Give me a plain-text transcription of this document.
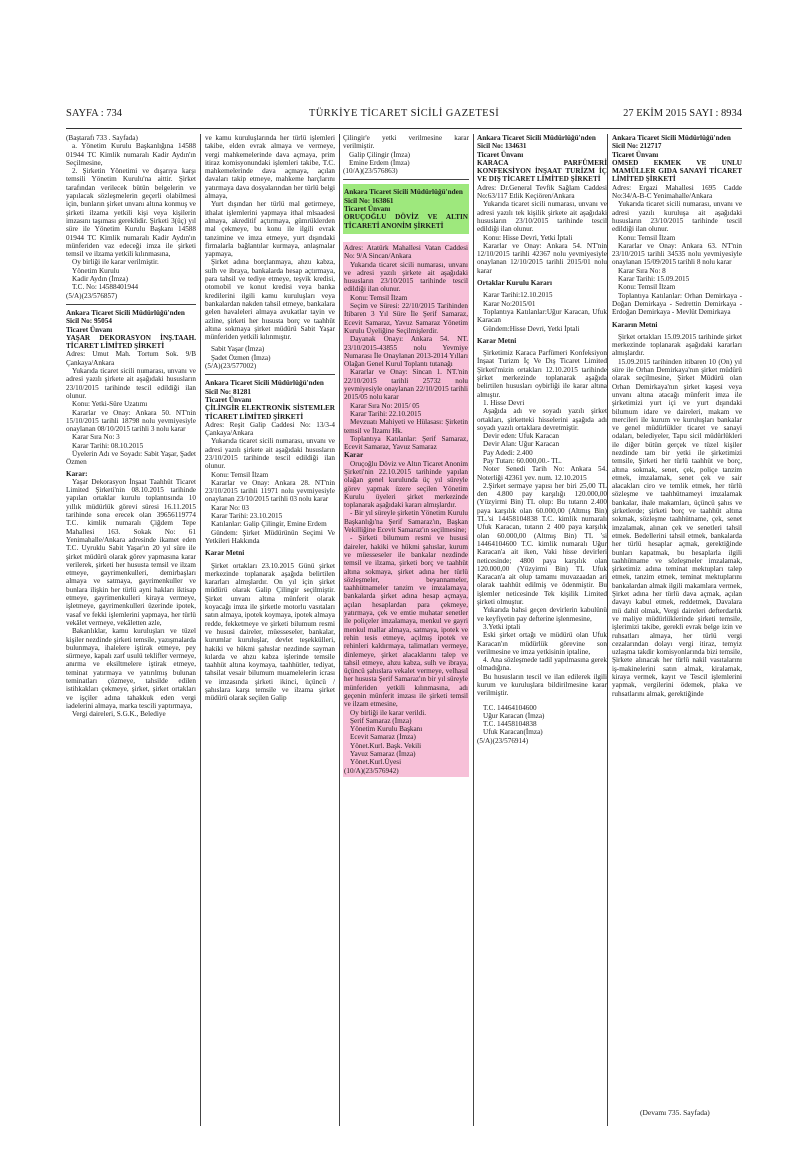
SAYFA : 734	TÜRKİYE TİCARET SİCİLİ GAZETESİ	27 EKİM 2015 SAYI : 8934

(Baştarafı 733 . Sayfada)

a. Yönetim Kurulu Başkanlığına 14588 01944 TC Kimlik numaralı Kadir Aydın'ın Seçilmesine,

2. Şirketin Yönetimi ve dışarıya karşı temsili Yönetim Kurulu'na aittir. Şirket tarafından verilecek bütün belgelerin ve yapılacak sözleşmelerin geçerli olabilmesi için, bunların şirket unvanı altına konmuş ve şirketi ilzama yetkili kişi veya kişilerin imzasını taşıması gereklidir. Şirketi 3(üç) yıl süre ile Yönetim Kurulu Başkanı 14588 01944 TC Kimlik numaralı Kadir Aydın'ın münferiden vaz edeceği imza ile şirketi temsil ve ilzama yetkili kılınmasına,

Oy birliği ile karar verilmiştir.

Yönetim Kurulu

Kadir Aydın (İmza)

T.C. No: 14588401944

(5/A)(23/576857)

Ankara Ticaret Sicili Müdürlüğü'nden

Sicil No: 95054

Ticaret Ünvanı

YAŞAR DEKORASYON İNŞ.TAAH. TİCARET LİMİTED ŞİRKETİ

Adres: Umut Mah. Tortum Sok. 9/B Çankaya/Ankara

Yukarıda ticaret sicili numarası, unvanı ve adresi yazılı şirkete ait aşağıdaki hususların 23/10/2015 tarihinde tescil edildiği ilan olunur.

Konu: Yetki-Süre Uzatımı

Kararlar ve Onay: Ankara 50. NT'nin 15/10/2015 tarihli 18798 nolu yevmiyesiyle onaylanan 08/10/2015 tarihli 3 nolu karar

Karar Sıra No: 3

Karar Tarihi: 08.10.2015

Üyelerin Adı ve Soyadı: Sabit Yaşar, Şadet Özmen

Karar:

Yaşar Dekorasyon İnşaat Taahhüt Ticaret Limited Şirketi'nin 08.10.2015 tarihinde yapılan ortaklar kurulu toplantısında 10 yıllık müdürlük görevi süresi 16.11.2015 tarihinde sona erecek olan 39656119774 T.C. kimlik numaralı Çiğdem Tepe Mahallesi 163. Sokak No: 61 Yenimahalle/Ankara adresinde ikamet eden T.C. Uyruklu Sabit Yaşar'ın 20 yıl süre ile şirket müdürü olarak görev yapmasına karar verilerek, şirketi her hususta temsil ve ilzam etmeye, gayrimenkulleri, demirbaşları almaya ve satmaya, gayrimenkuller ve bunlara ilişkin her türlü ayni hakları iktisap etmeye, gayrimenkulleri kiraya vermeye, işletmeye, gayrimenkulleri üzerinde ipotek, vasaf ve fekki işlemlerini yapmaya, her türlü vekâlet vermeye, vekâletten azle,

Bakanlıklar, kamu kuruluşları ve tüzel kişiler nezdinde şirketi temsile, yazışmalarda bulunmaya, ihalelere iştirak etmeye, pey sürmeye, kapalı zarf usulü teklifler vermeye, anırma ve eksiltmelere iştirak etmeye, teminat yatırmaya ve yatırılmış bulunan teminatları çözmeye, tahsilde edilen istihkakları çekmeye, şirket, şirket ortakları ve işçiler adına tahakkuk eden vergi iadelerini almaya, marka tescili yaptırmaya,

Vergi daireleri, S.G.K., Belediye

ve kamu kuruluşlarında her türlü işlemleri takibe, elden evrak almaya ve vermeye, vergi mahkemelerinde dava açmaya, prim itiraz komisyonundaki işlemleri takibe, T.C. mahkemelerinde dava açmaya, açılan davaları takip etmeye, mahkeme harçlarını yatırmaya dava dosyalarından her türlü belgi almaya,

Yurt dışından her türlü mal getirmeye, ithalat işlemlerini yapmaya ithal mlsaadesi almaya, akreditif açtırmaya, gümrüklerden mal çekmeye, bu konu ile ilgili evrak tanzimine ve imza etmeye, yurt dışındaki firmalarla bağlantılar kurmaya, anlaşmalar yapmaya,

Şirket adına borçlanmaya, ahzu kabza, sulh ve ibraya, bankalarda hesap açtırmaya, para tahsil ve tediye etmeye, teşvik kredisi, otomobil ve konut kredisi veya banka kredilerini ilgili kamu kuruluşları veya bankalardan nakden tahsil etmeye, bankalara gelen havaleleri almaya avukatlar tayin ve azline, şirketi her hususta borç ve taahhüt altına sokmaya şirket müdürü Sabit Yaşar münferiden yetkili kılınmıştır.

Sabit Yaşar (İmza)

Şadet Özmen (İmza)

(5/A)(23/577002)

Ankara Ticaret Sicili Müdürlüğü'nden

Sicil No: 81281

Ticaret Ünvanı

ÇİLİNGİR ELEKTRONİK SİSTEMLER TİCARET LİMİTED ŞİRKETİ

Adres: Reşit Galip Caddesi No: 13/3-4 Çankaya/Ankara

Yukarıda ticaret sicili numarası, unvanı ve adresi yazılı şirkete ait aşağıdaki hususların 23/10/2015 tarihinde tescil edildiği ilan olunur.

Konu: Temsil İlzam

Kararlar ve Onay: Ankara 28. NT'nin 23/10/2015 tarihli 11971 nolu yevmiyesiyle onaylanan 23/10/2015 tarihli 03 nolu karar

Karar No: 03

Karar Tarihi: 23.10.2015

Katılanlar: Galip Çilingir, Emine Erdem

Gündem: Şirket Müdürünün Seçimi Ve Yetkileri Hakkında

Karar Metni

Şirket ortakları 23.10.2015 Günü şirket merkezinde toplanarak aşağıda belirtilen kararları almışlardır. On yıl için şirket müdürü olarak Galip Çilingir seçilmiştir. Şirket unvanı altına münferit olarak koyacağı imza ile şirketle motorlu vasıtaları satın almaya, ipotek koymaya, ipotek almaya redde, fekketmeye ve şirketi bilumum resmi ve hususi daireler, müesseseler, bankalar, kurumlar kuruluşlar, devlet teşekkülleri, hakiki ve hükmi şahıslar nezdinde sayman kılarda ve ahzu kabza işlerinde temsile taahhüt altına koymaya, taahhütler, tediyat, tahsilat vesair bilumum muamelelerin icrası ve imzasında şirketi ikinci, üçüncü / şahıslara karşı temsile ve ilzama şirket müdürü olarak seçilen Galip

Çilingir'e yetki verilmesine karar verilmiştir.

Galip Çilingir (İmza)

Emine Erdem (İmza)

(10/A)(23/576863)

Ankara Ticaret Sicili Müdürlüğü'nden

Sicil No: 163861

Ticaret Ünvanı

ORUÇOĞLU DÖVİZ VE ALTIN TİCARETİ ANONİM ŞİRKETİ

Adres: Atatürk Mahallesi Vatan Caddesi No: 9/A Sincan/Ankara

Yukarıda ticaret sicili numarası, unvanı ve adresi yazılı şirkete ait aşağıdaki hususların 23/10/2015 tarihinde tescil edildiği ilan olunur.

Konu: Temsil İlzam

Seçim ve Süresi: 22/10/2015 Tarihinden İtibaren 3 Yıl Süre İle Şerif Samaraz, Ecevit Samaraz, Yavuz Samaraz Yönetim Kurulu Üyeliğine Seçilmişlerdir.

Dayanak Onayı: Ankara 54. NT. 23/10/2015-43855 nolu Yevmiye Numarası İle Onaylanan 2013-2014 Yılları Olağan Genel Kurul Toplantı tutanağı

Kararlar ve Onay: Sincan 1. NT.'nin 22/10/2015 tarihli 25732 nolu yevmiyesiyle onaylanan 22/10/2015 tarihli 2015/05 nolu karar

Karar Sıra No: 2015/ 05

Karar Tarihi: 22.10.2015

Mevzuatı Mahiyeti ve Hülasası: Şirketin temsil ve İlzamı Hk.

Toplantıya Katılanlar: Şerif Samaraz, Ecevit Samaraz, Yavuz Samaraz

Karar

Oruçoğlu Döviz ve Altın Ticaret Anonim Şirketi'nin 22.10.2015 tarihinde yapılan olağan genel kurulunda üç yıl süreyle görev yapmak üzere seçilen Yönetim Kurulu üyeleri şirket merkezinde toplanarak aşağıdaki kararı almışlardır.

- Bir yıl süreyle şirketin Yönetim Kurulu Başkanlığı'na Şerif Samaraz'ın, Başkan Vekilliğine Ecevit Samaraz'ın seçilmesine;

- Şirketi bilumum resmi ve hususi daireler, hakiki ve hükmi şahıslar, kurum ve müesseseler ile bankalar nezdinde temsil ve ilzama, şirketi borç ve taahhüt altına sokmaya, şirket adına her türlü sözleşmeler, beyannameler, taahhütnameler tanzim ve imzalamaya, bankalarda şirket adına hesap açmaya, açılan hesaplardan para çekmeye, yatırmaya, çek ve emtie muhatar senetler ile poliçeler imzalamaya, menkul ve gayri menkul mallar almaya, satmaya, ipotek ve rehin tesis etmeye, açılmış ipotek ve rehinleri kaldırmaya, talimatları vermeye, dinlemeye, şirket alacaklarını talep ve tahsil etmeye, ahzu kabza, sulh ve ibraya, üçüncü şahıslara vekalet vermeye, velhasıl her hususta Şerif Samaraz'ın bir yıl süreyle münferiden yetkili kılınmasına, adı geçenin münferit imzası ile şirketi temsil ve ilzam etmesine,

Oy birliği ile karar verildi.

Şerif Samaraz (İmza)

Yönetim Kurulu Başkanı

Ecevit Samaraz (İmza)

Yönet.Kurl. Başk. Vekili

Yavuz Samaraz (İmza)

Yönet.Kurl.Üyesi

(10/A)(23/576942)

Ankara Ticaret Sicili Müdürlüğü'nden

Sicil No: 134631

Ticaret Ünvanı

KARACA PARFÜMERİ KONFEKSİYON İNŞAAT TURİZM İÇ VE DIŞ TİCARET LİMİTED ŞİRKETİ

Adres: Dr.General Tevfik Sağlam Caddesi No:63/117 Etlik Keçiören/Ankara

Yukarıda ticaret sicili numarası, unvanı ve adresi yazılı tek kişilik şirkete ait aşağıdaki hususların 23/10/2015 tarihinde tescil edildiği ilan olunur.

Konu: Hisse Devri, Yetki İptali

Kararlar ve Onay: Ankara 54. NT'nin 12/10/2015 tarihli 42367 nolu yevmiyesiyle onaylanan 12/10/2015 tarihli 2015/01 nolu karar

Ortaklar Kurulu Kararı

Karar Tarihi:12.10.2015

Karar No:2015/01

Toplantıya Katılanlar:Uğur Karacan, Ufuk Karacan

Gündem:Hisse Devri, Yetki İptali

Karar Metni

Şirketimiz Karaca Parfümeri Konfeksiyon İnşaat Turizm İç Ve Dış Ticaret Limited Şirketi'mizin ortakları 12.10.2015 tarihinde şirket merkezinde toplanarak aşağıda belirtilen hususları oybirliği ile karar altına almıştır.

1. Hisse Devri

Aşağıda adı ve soyadı yazılı şirket ortakları, şirketteki hisselerini aşağıda adı soyadı yazılı ortaklara devretmiştir.

Devir eden: Ufuk Karacan

Devir Alan: Uğur Karacan

Pay Adedi: 2.400

Pay Tutarı: 60.000,00.- TL.

Noter Senedi Tarih No: Ankara 54. Noterliği 42361 yev. num. 12.10.2015

2.Şirket sermaye yapısı her biri 25,00 TL den 4.800 pay karşılığı 120.000,00 (Yüzyirmi Bin) TL olup: Bu tutarın 2.400 paya karşılık olan 60.000,00 (Altmış Bin) TL.'si 14458104838 T.C. kimlik numaralı Ufuk Karacan, tutarın 2 400 paya karşılık olan 60.000,00 (Altmış Bin) TL 'si 14464104600 T.C. kimlik numaralı Uğur Karacan'a ait iken, Vaki hisse devirleri neticesinde; 4800 paya karşılık olan 120.000,00 (Yüzyirmi Bin) TL Ufuk Karacan'a ait olup tamamı muvazaadan ari olarak taahhüt edilmiş ve ödenmiştir. Bu işlemler neticesinde Tek kişilik Limited şirketi olmuştur.

Yukarıda bahsi geçen devirlerin kabulünü ve keyfiyetin pay defterine işlenmesine,

3.Yetki iptali

Eski şirket ortağı ve müdürü olan Ufuk Karacan'ın müdürlük görevine son verilmesine ve imza yetkisinin iptaline,

4. Ana sözleşmede tadil yapılmasına gerek olmadığına.

Bu hususların tescil ve ilan edilerek ilgili kurum ve kuruluşlara bildirilmesine karar verilmiştir.

T.C. 14464104600

Uğur Karacan (İmza)

T.C. 14458104838

Ufuk Karacan(İmza)

(5/A)(23/576914)

Ankara Ticaret Sicili Müdürlüğü'nden

Sicil No: 212717

Ticaret Ünvanı

OMSED EKMEK VE UNLU MAMÜLLER GIDA SANAYİ TİCARET LİMİTED ŞİRKETİ

Adres: Ergazi Mahallesi 1695 Cadde No:34/A-B-C Yenimahalle/Ankara

Yukarıda ticaret sicili numarası, unvanı ve adresi yazılı kuruluşa ait aşağıdaki hususların 23/10/2015 tarihinde tescil edildiği ilan olunur.

Konu: Temsil İlzam

Kararlar ve Onay: Ankara 63. NT'nin 23/10/2015 tarihli 34535 nolu yevmiyesiyle onaylanan 15/09/2015 tarihli 8 nolu karar

Karar Sıra No: 8

Karar Tarihi: 15.09.2015

Konu: Temsil İlzam

Toplantıya Katılanlar: Orhan Demirkaya - Doğan Demirkaya - Sedrettin Demirkaya - Erdoğan Demirkaya - Mevlüt Demirkaya

Kararın Metni

Şirket ortakları 15.09.2015 tarihinde şirket merkezinde toplanarak aşağıdaki kararları almışlardır.

15.09.2015 tarihinden itibaren 10 (On) yıl süre ile Orhan Demirkaya'nın şirket müdürü olarak seçilmesine, Şirket Müdürü olan Orhan Demirkaya'nın şirket kaşesi veya unvanı altına atacağı münferit imza ile şirketimizi yurt içi ve yurt dışındaki bilumum idare ve daireleri, makam ve mercileri ile kurum ve kuruluşları bankalar ve genel müdürlükler ticaret ve sanayi odaları, belediyeler, Tapu sicil müdürlükleri ile diğer bütün gerçek ve tüzel kişiler nezdinde tam bir yetki ile şirketimizi temsile, Şirketi her türlü taahhüt ve borç, altına sokmak, senet, çek, poliçe tanzim etmek, imzalamak, senet çek ve sair alacakları ciro ve temlik etmek, her türlü sözleşme ve taahhütnameyi imzalamak bankalar, ihale makamları, üçüncü şahıs ve şirketlerde; şirketi borç ve taahhüt altına sokmak, sözleşme taahhütname, çek, senet imzalamak, alınan çek ve senetleri tahsil etmek. Bedellerini tahsil etmek, bankalarda her türlü hesaplar açmak, gerektiğinde bunları kapatmak, bu hesaplarla ilgili taahhütname ve sözleşmeler imzalamak, şirketimiz adına teminat mektupları talep etmek, tanzim etmek, teminat mektuplarını bankalardan almak ilgili makamlara vermek, Şirket adına her türlü dava açmak, açılan davayı kabul etmek, reddetmek, Davalara mü dahil olmak, Vergi daireleri defterdarlık ve maliye müdürlüklerinde şirketi temsile, işlerimizi takibe, gerekli evrak belge izin ve ruhsatları almaya, her türlü vergi cezalarından dolayı vergi itiraz, temyiz uzlaşma takdir komisyonlarında bizi temsile, Şirkete alınacak her türlü nakil vasıtalarını iş-makinelerini satın almak, kiralamak, kiraya vermek, kayıt ve Tescil işlemlerini yapmak, vergilerini ödemek, plaka ve ruhsatlarını almak, gerektiğinde

(Devamı 735. Sayfada)
